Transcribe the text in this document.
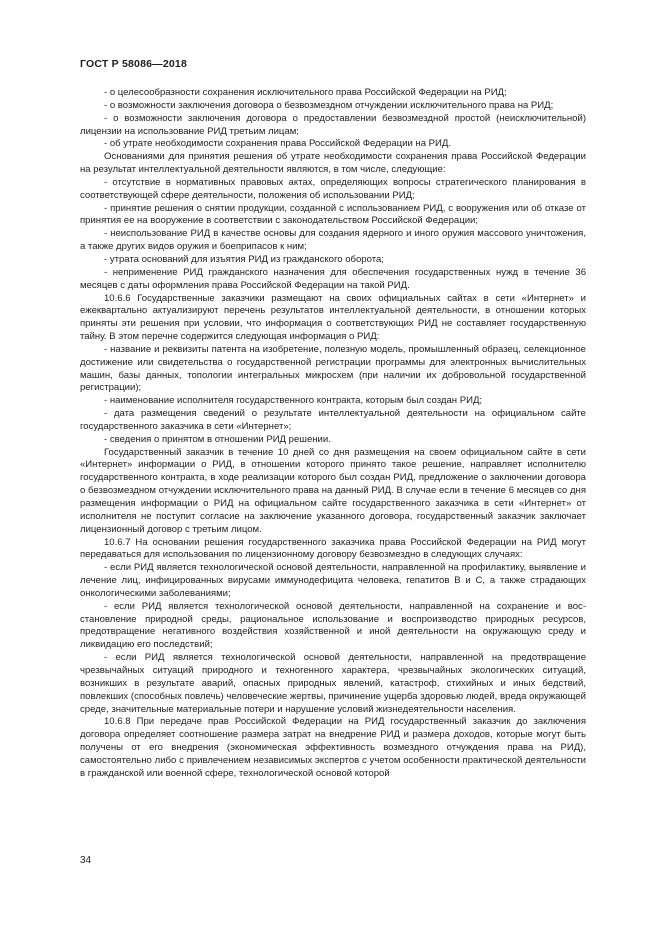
ГОСТ Р 58086—2018

- о целесообразности сохранения исключительного права Российской Федерации на РИД;

- о возможности заключения договора о безвозмездном отчуждении исключительного права на РИД;

- о возможности заключения договора о предоставлении безвозмездной простой (неисключительной) лицензии на использование РИД третьим лицам;

- об утрате необходимости сохранения права Российской Федерации на РИД.

Основаниями для принятия решения об утрате необходимости сохранения права Российской Федерации на результат интеллектуальной деятельности являются, в том числе, следующие:

- отсутствие в нормативных правовых актах, определяющих вопросы стратегического планирования в соответствующей сфере деятельности, положения об использовании РИД;

- принятие решения о снятии продукции, созданной с использованием РИД, с вооружения или об отказе от принятия ее на вооружение в соответствии с законодательством Российской Федерации;

- неиспользование РИД в качестве основы для создания ядерного и иного оружия массового уничтожения, а также других видов оружия и боеприпасов к ним;

- утрата оснований для изъятия РИД из гражданского оборота;

- неприменение РИД гражданского назначения для обеспечения государственных нужд в течение 36 месяцев с даты оформления права Российской Федерации на такой РИД.

10.6.6 Государственные заказчики размещают на своих официальных сайтах в сети «Интернет» и ежеквартально актуализируют перечень результатов интеллектуальной деятельности, в отношении которых приняты эти решения при условии, что информация о соответствующих РИД не составляет государственную тайну. В этом перечне содержится следующая информация о РИД:

- название и реквизиты патента на изобретение, полезную модель, промышленный образец, селекционное достижение или свидетельства о государственной регистрации программы для электронных вычислительных машин, базы данных, топологии интегральных микросхем (при наличии их добровольной государственной регистрации);

- наименование исполнителя государственного контракта, которым был создан РИД;

- дата размещения сведений о результате интеллектуальной деятельности на официальном сайте государственного заказчика в сети «Интернет»;

- сведения о принятом в отношении РИД решении.

Государственный заказчик в течение 10 дней со дня размещения на своем официальном сайте в сети «Интернет» информации о РИД, в отношении которого принято такое решение, направляет исполнителю государственного контракта, в ходе реализации которого был создан РИД, предложение о заключении договора о безвозмездном отчуждении исключительного права на данный РИД. В случае если в течение 6 месяцев со дня размещения информации о РИД на официальном сайте государственного заказчика в сети «Интернет» от исполнителя не поступит согласие на заключение указанного договора, государственный заказчик заключает лицензионный договор с третьим лицом.

10.6.7 На основании решения государственного заказчика права Российской Федерации на РИД могут передаваться для использования по лицензионному договору безвозмездно в следующих случаях:

- если РИД является технологической основой деятельности, направленной на профилактику, выявление и лечение лиц, инфицированных вирусами иммунодефицита человека, гепатитов В и С, а также страдающих онкологическими заболеваниями;

- если РИД является технологической основой деятельности, направленной на сохранение и восстановление природной среды, рациональное использование и воспроизводство природных ресурсов, предотвращение негативного воздействия хозяйственной и иной деятельности на окружающую среду и ликвидацию его последствий;

- если РИД является технологической основой деятельности, направленной на предотвращение чрезвычайных ситуаций природного и техногенного характера, чрезвычайных экологических ситуаций, возникших в результате аварий, опасных природных явлений, катастроф, стихийных и иных бедствий, повлекших (способных повлечь) человеческие жертвы, причинение ущерба здоровью людей, вреда окружающей среде, значительные материальные потери и нарушение условий жизнедеятельности населения.

10.6.8 При передаче прав Российской Федерации на РИД государственный заказчик до заключения договора определяет соотношение размера затрат на внедрение РИД и размера доходов, которые могут быть получены от его внедрения (экономическая эффективность возмездного отчуждения права на РИД), самостоятельно либо с привлечением независимых экспертов с учетом особенности практической деятельности в гражданской или военной сфере, технологической основой которой

34
